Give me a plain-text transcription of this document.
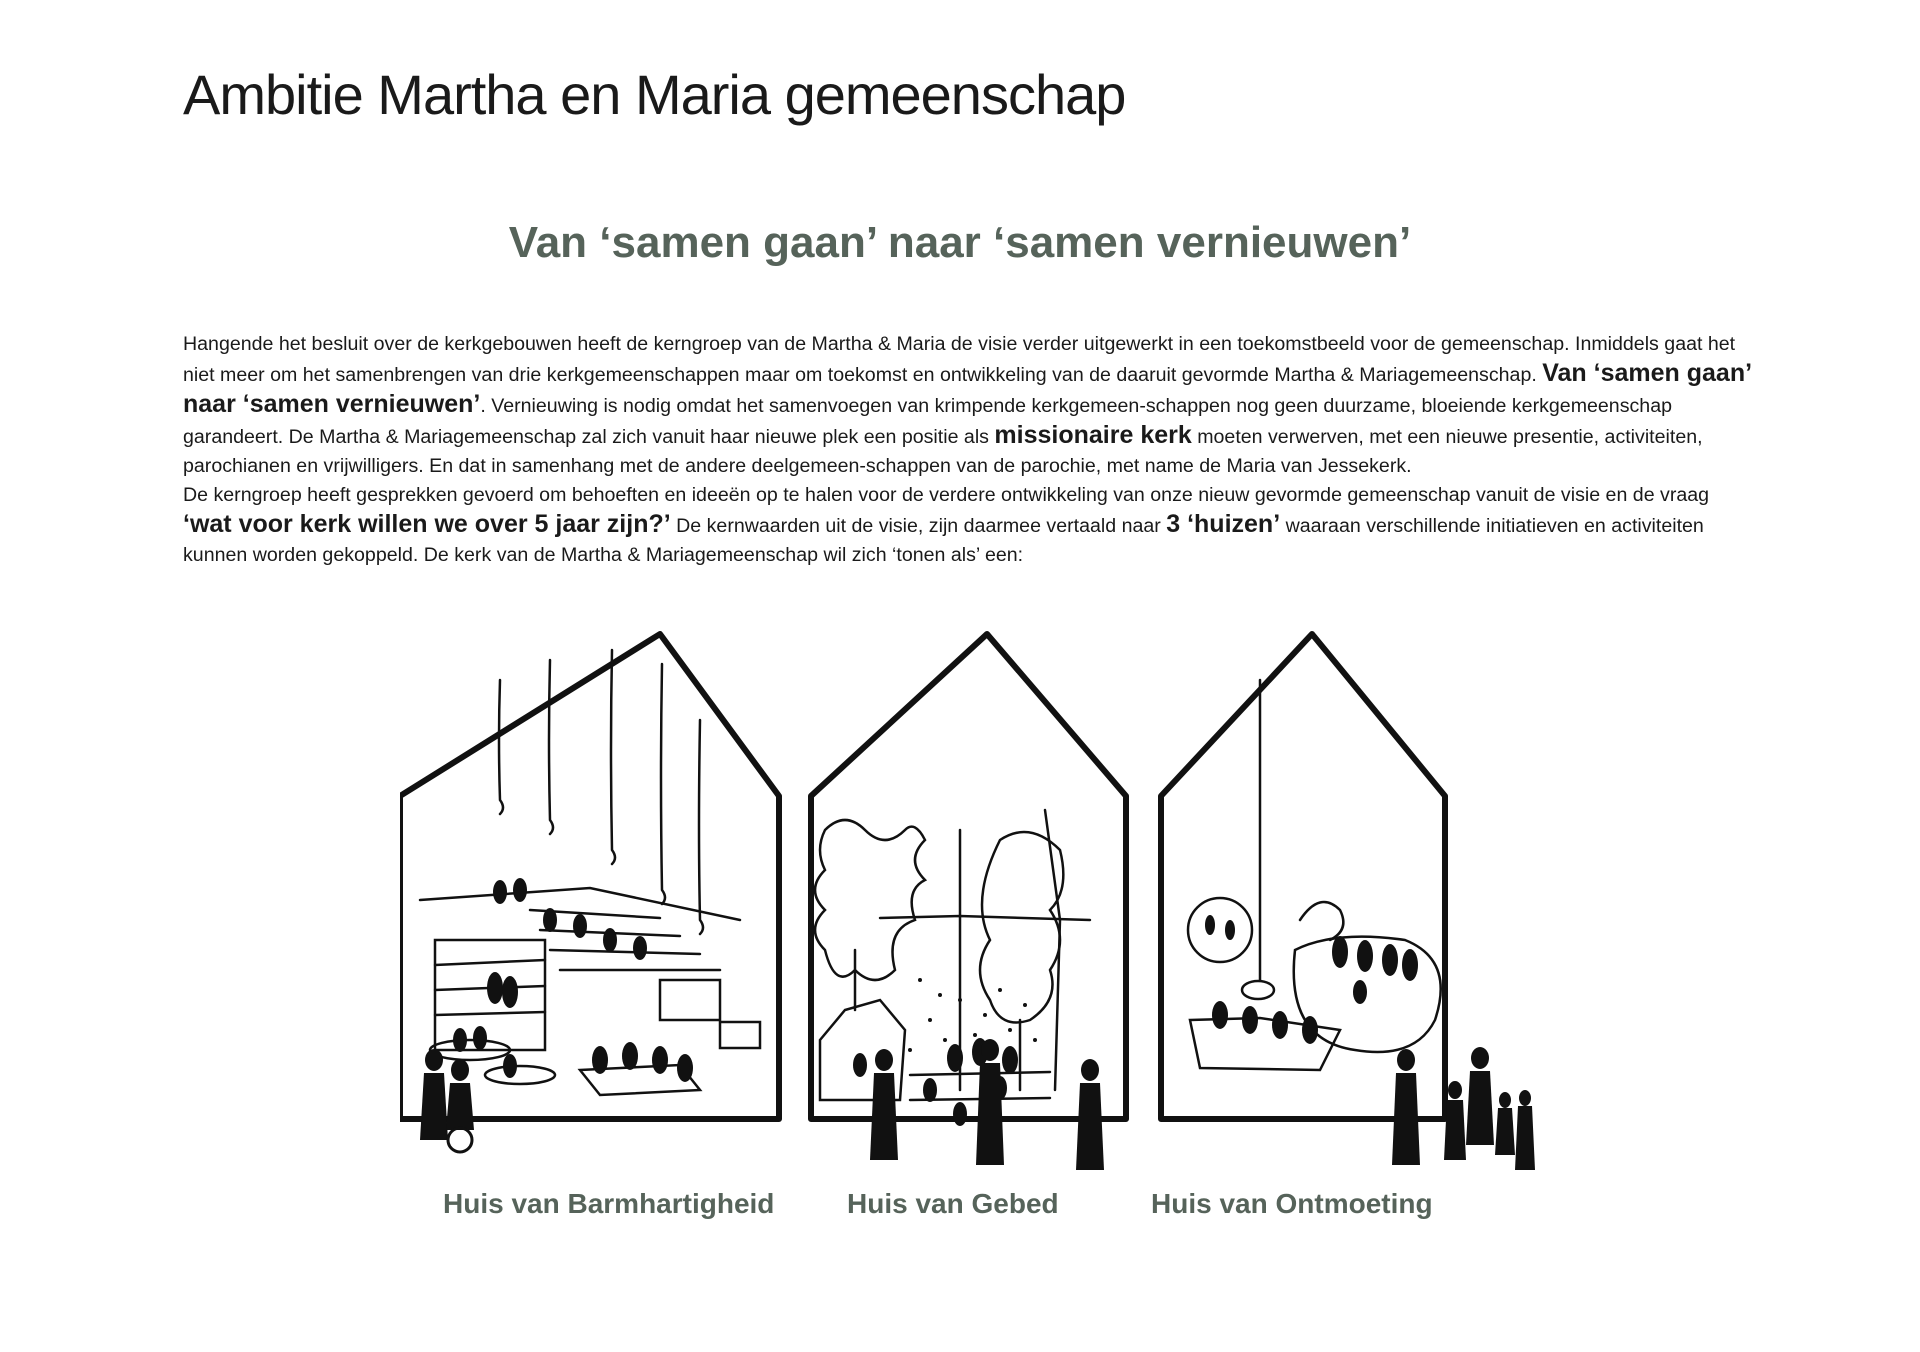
Ambitie Martha en Maria gemeenschap
Van ‘samen gaan’ naar ‘samen vernieuwen’

Hangende het besluit over de kerkgebouwen heeft de kerngroep van de Martha & Maria de visie verder uitgewerkt in een toekomstbeeld voor de gemeenschap. Inmiddels gaat het niet meer om het samenbrengen van drie kerkgemeenschappen maar om toekomst en ontwikkeling van de daaruit gevormde Martha & Mariagemeenschap. Van ‘samen gaan’ naar ‘samen vernieuwen’. Vernieuwing is nodig omdat het samenvoegen van krimpende kerkgemeen-schappen nog geen duurzame, bloeiende kerkgemeenschap garandeert. De Martha & Mariagemeenschap zal zich vanuit haar nieuwe plek een positie als missionaire kerk moeten verwerven, met een nieuwe presentie, activiteiten, parochianen en vrijwilligers. En dat in samenhang met de andere deelgemeen-schappen van de parochie, met name de Maria van Jessekerk.

De kerngroep heeft gesprekken gevoerd om behoeften en ideeën op te halen voor de verdere ontwikkeling van onze nieuw gevormde gemeenschap vanuit de visie en de vraag ‘wat voor kerk willen we over 5 jaar zijn?’ De kernwaarden uit de visie, zijn daarmee vertaald naar 3 ‘huizen’ waaraan verschillende initiatieven en activiteiten kunnen worden gekoppeld. De kerk van de Martha & Mariagemeenschap wil zich ‘tonen als’ een:

Huis van Barmhartigheid	Huis van Gebed	Huis van Ontmoeting
